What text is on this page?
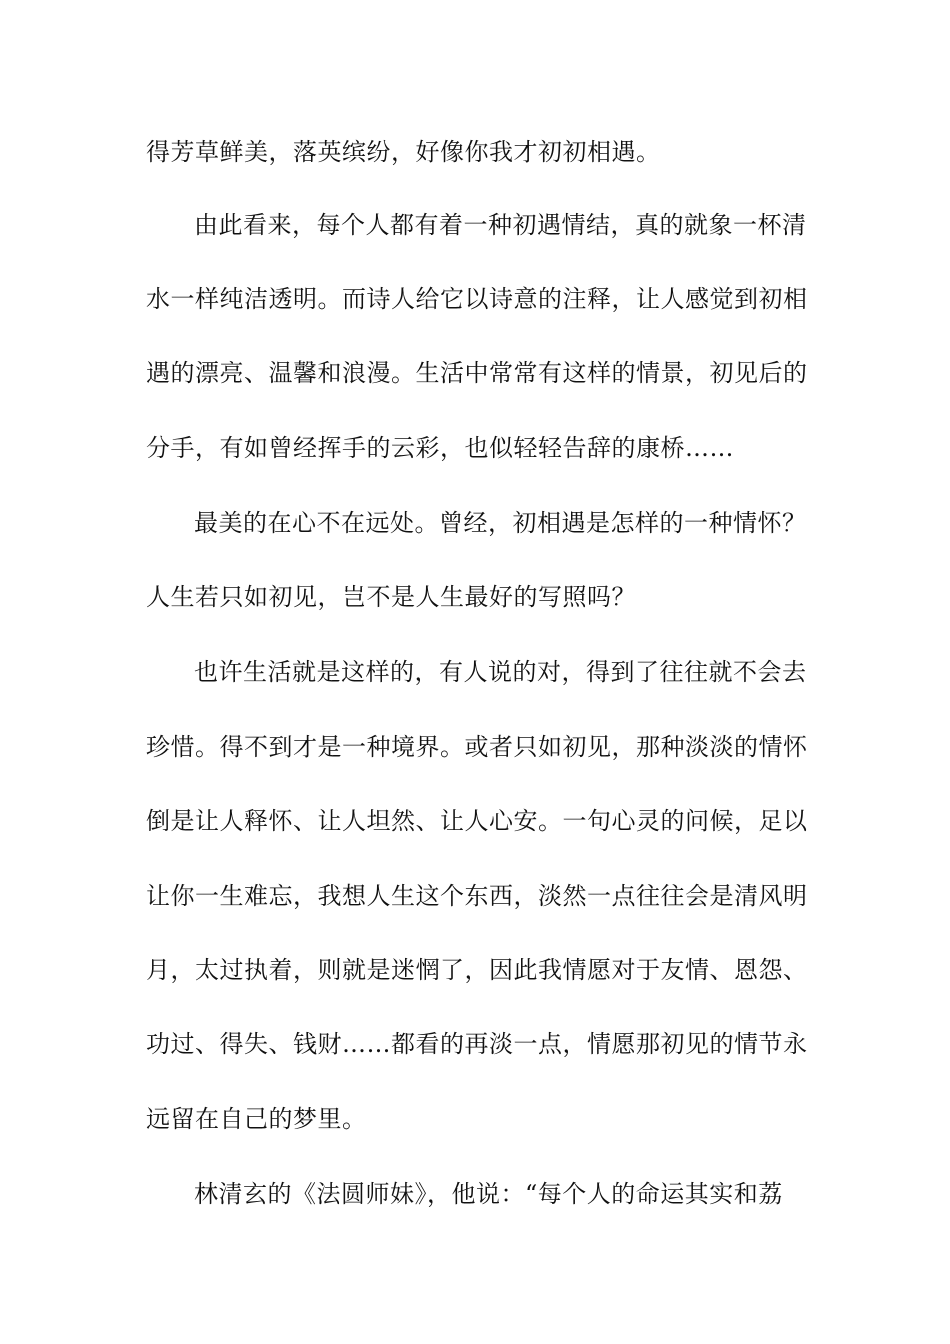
得芳草鲜美，落英缤纷，好像你我才初初相遇。
由此看来，每个人都有着一种初遇情结，真的就象一杯清
水一样纯洁透明。而诗人给它以诗意的注释，让人感觉到初相
遇的漂亮、温馨和浪漫。生活中常常有这样的情景，初见后的
分手，有如曾经挥手的云彩，也似轻轻告辞的康桥……
最美的在心不在远处。曾经，初相遇是怎样的一种情怀？
人生若只如初见，岂不是人生最好的写照吗？
也许生活就是这样的，有人说的对，得到了往往就不会去
珍惜。得不到才是一种境界。或者只如初见，那种淡淡的情怀
倒是让人释怀、让人坦然、让人心安。一句心灵的问候，足以
让你一生难忘，我想人生这个东西，淡然一点往往会是清风明
月，太过执着，则就是迷惘了，因此我情愿对于友情、恩怨、
功过、得失、钱财……都看的再淡一点，情愿那初见的情节永
远留在自己的梦里。
林清玄的《法圆师妹》，他说：“每个人的命运其实和荔
